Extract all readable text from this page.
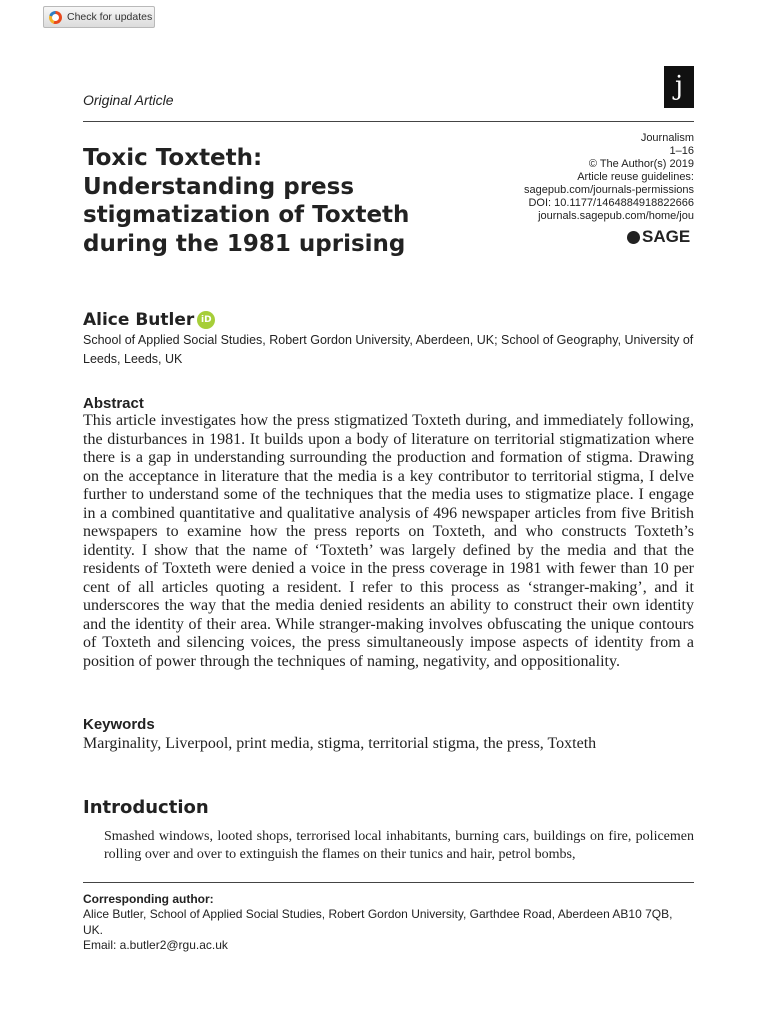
Check for updates
j
Original Article
Toxic Toxteth: Understanding press stigmatization of Toxteth during the 1981 uprising
Journalism
1–16
© The Author(s) 2019
Article reuse guidelines:
sagepub.com/journals-permissions
DOI: 10.1177/1464884918822666
journals.sagepub.com/home/jou
SAGE
Alice Butler iD

School of Applied Social Studies, Robert Gordon University, Aberdeen, UK; School of Geography, University of Leeds, Leeds, UK

Abstract

This article investigates how the press stigmatized Toxteth during, and immediately following, the disturbances in 1981. It builds upon a body of literature on territorial stigmatization where there is a gap in understanding surrounding the production and formation of stigma. Drawing on the acceptance in literature that the media is a key contributor to territorial stigma, I delve further to understand some of the techniques that the media uses to stigmatize place. I engage in a combined quantitative and qualitative analysis of 496 newspaper articles from five British newspapers to examine how the press reports on Toxteth, and who constructs Toxteth’s identity. I show that the name of ‘Toxteth’ was largely defined by the media and that the residents of Toxteth were denied a voice in the press coverage in 1981 with fewer than 10 per cent of all articles quoting a resident. I refer to this process as ‘stranger-making’, and it underscores the way that the media denied residents an ability to construct their own identity and the identity of their area. While stranger-making involves obfuscating the unique contours of Toxteth and silencing voices, the press simultaneously impose aspects of identity from a position of power through the techniques of naming, negativity, and oppositionality.

Keywords

Marginality, Liverpool, print media, stigma, territorial stigma, the press, Toxteth

Introduction

Smashed windows, looted shops, terrorised local inhabitants, burning cars, buildings on fire, policemen rolling over and over to extinguish the flames on their tunics and hair, petrol bombs,

Corresponding author:
Alice Butler, School of Applied Social Studies, Robert Gordon University, Garthdee Road, Aberdeen AB10 7QB, UK.
Email: a.butler2@rgu.ac.uk
